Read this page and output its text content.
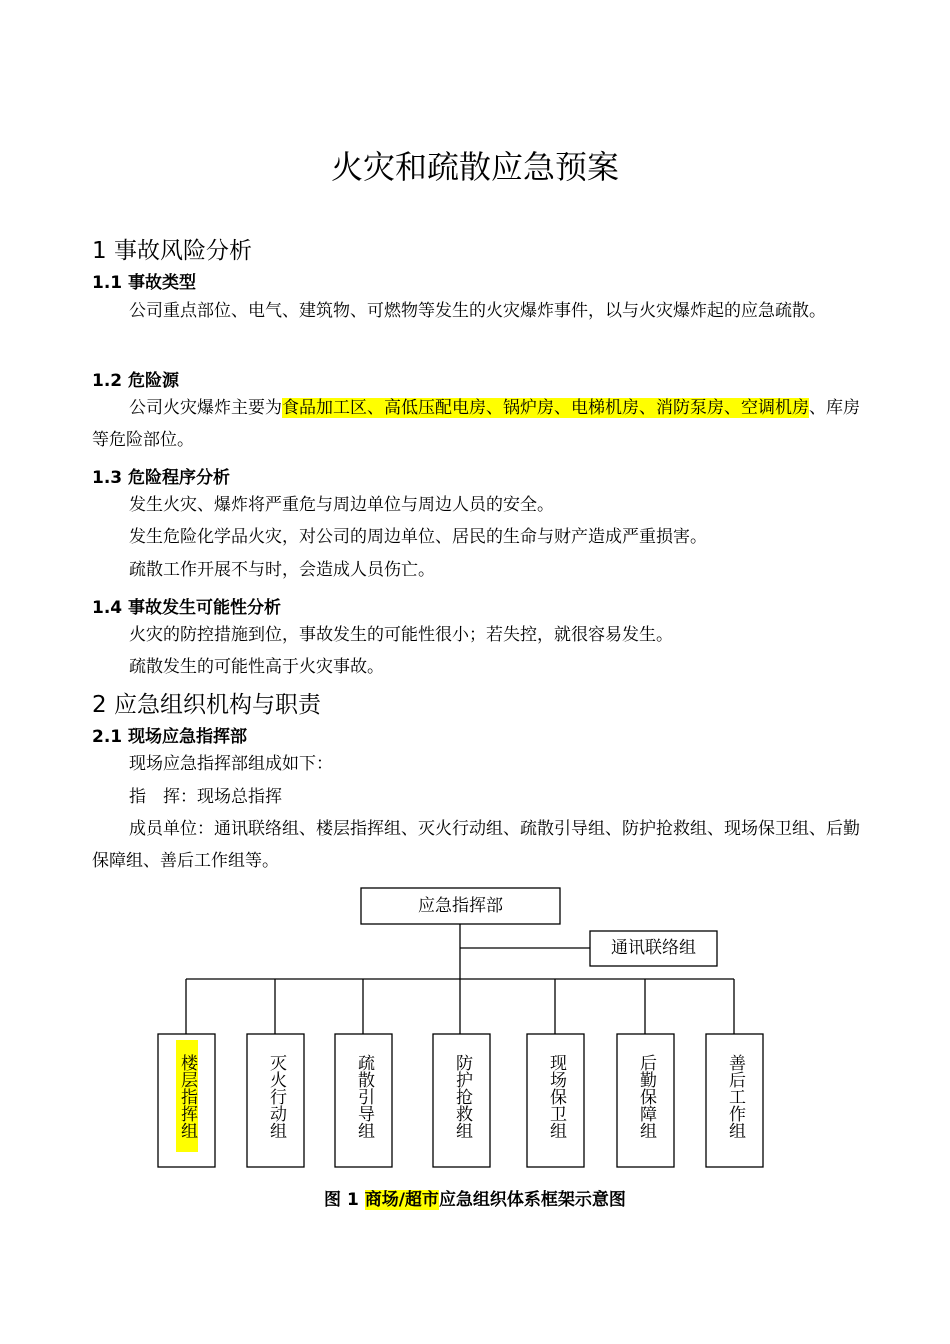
火灾和疏散应急预案
1 事故风险分析
1.1 事故类型

公司重点部位、电气、建筑物、可燃物等发生的火灾爆炸事件，以与火灾爆炸起的应急疏散。

1.2 危险源

公司火灾爆炸主要为食品加工区、高低压配电房、锅炉房、电梯机房、消防泵房、空调机房、库房等危险部位。

1.3 危险程序分析

发生火灾、爆炸将严重危与周边单位与周边人员的安全。

发生危险化学品火灾，对公司的周边单位、居民的生命与财产造成严重损害。

疏散工作开展不与时，会造成人员伤亡。

1.4 事故发生可能性分析

火灾的防控措施到位，事故发生的可能性很小；若失控，就很容易发生。

疏散发生的可能性高于火灾事故。

2 应急组织机构与职责
2.1 现场应急指挥部

现场应急指挥部组成如下：

指　挥：现场总指挥

成员单位：通讯联络组、楼层指挥组、灭火行动组、疏散引导组、防护抢救组、现场保卫组、后勤保障组、善后工作组等。

应急指挥部
通讯联络组
楼层指挥组	灭火行动组	疏散引导组	防护抢救组	现场保卫组	后勤保障组	善后工作组

图 1 商场/超市应急组织体系框架示意图
